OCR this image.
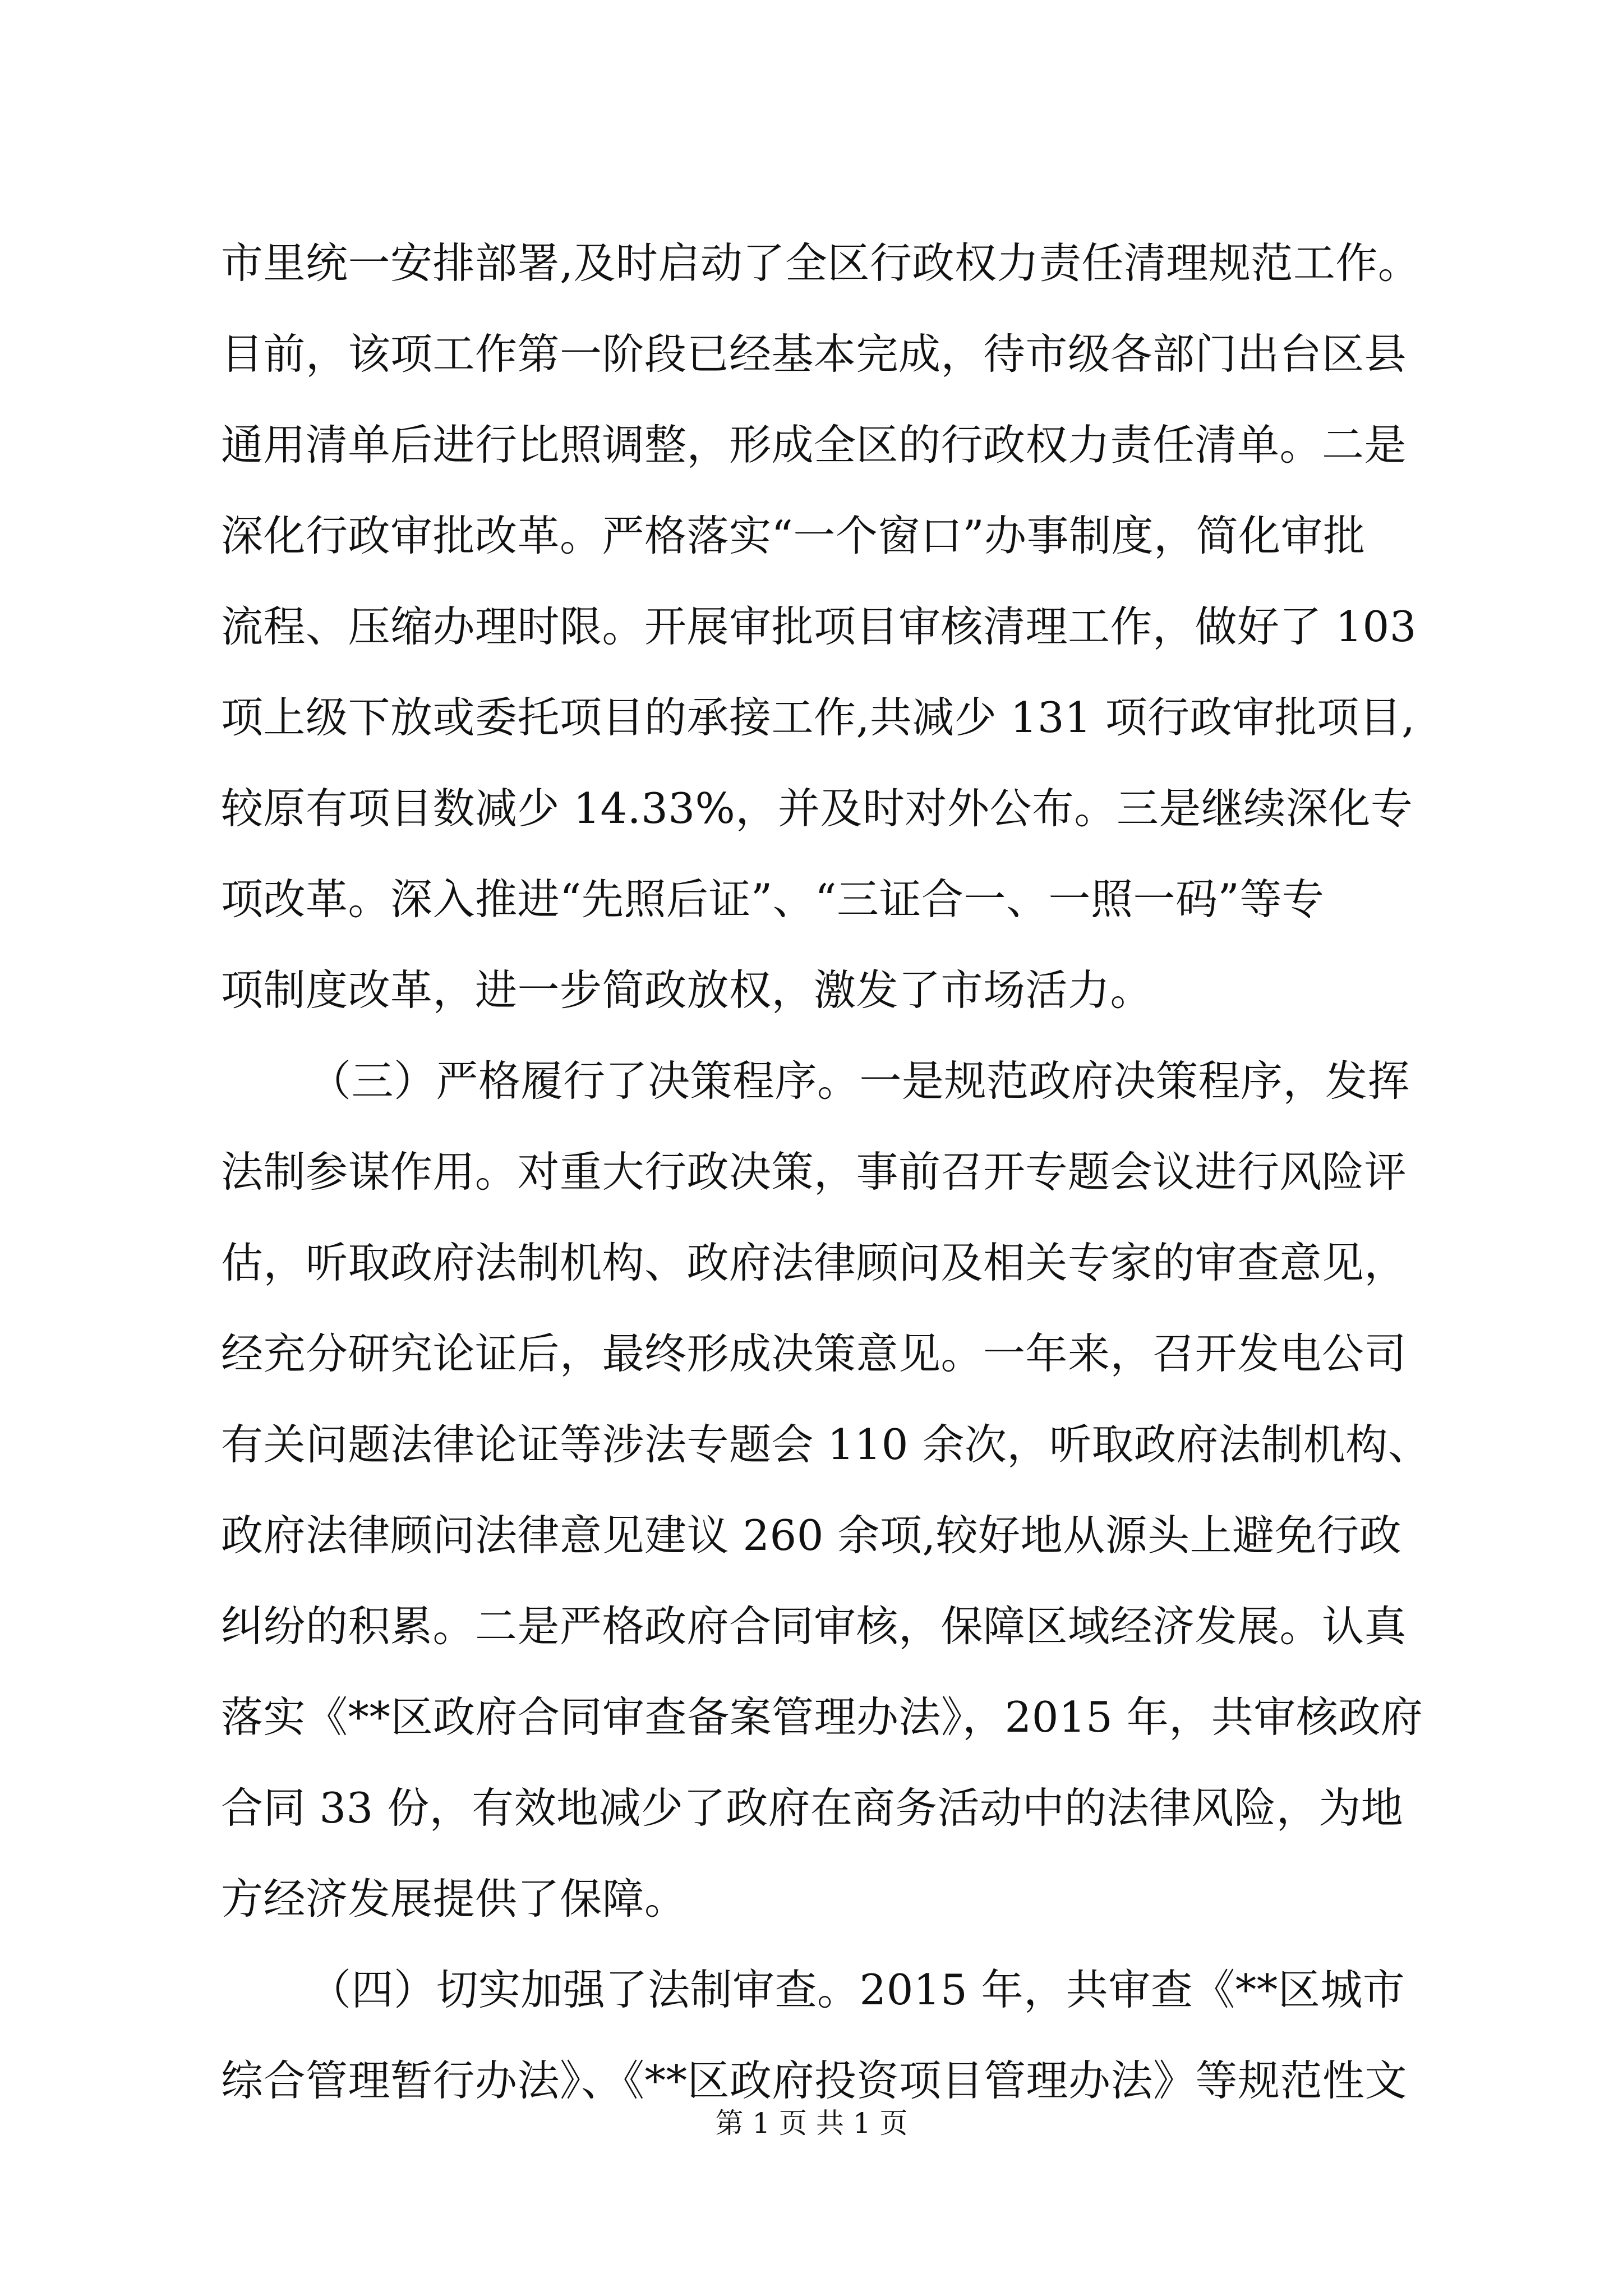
市里统一安排部署,及时启动了全区行政权力责任清理规范工作。
目前，该项工作第一阶段已经基本完成，待市级各部门出台区县
通用清单后进行比照调整，形成全区的行政权力责任清单。二是
深化行政审批改革。严格落实“一个窗口”办事制度，简化审批
流程、压缩办理时限。开展审批项目审核清理工作，做好了 103
项上级下放或委托项目的承接工作,共减少 131 项行政审批项目,
较原有项目数减少 14.33%，并及时对外公布。三是继续深化专
项改革。深入推进“先照后证”、“三证合一、一照一码”等专
项制度改革，进一步简政放权，激发了市场活力。
（三）严格履行了决策程序。一是规范政府决策程序，发挥
法制参谋作用。对重大行政决策，事前召开专题会议进行风险评
估，听取政府法制机构、政府法律顾问及相关专家的审查意见，
经充分研究论证后，最终形成决策意见。一年来，召开发电公司
有关问题法律论证等涉法专题会 110 余次，听取政府法制机构、
政府法律顾问法律意见建议 260 余项,较好地从源头上避免行政
纠纷的积累。二是严格政府合同审核，保障区域经济发展。认真
落实《**区政府合同审查备案管理办法》，2015 年，共审核政府
合同 33 份，有效地减少了政府在商务活动中的法律风险，为地
方经济发展提供了保障。
（四）切实加强了法制审查。2015 年，共审查《**区城市
综合管理暂行办法》、《**区政府投资项目管理办法》等规范性文
第 1 页 共 1 页
